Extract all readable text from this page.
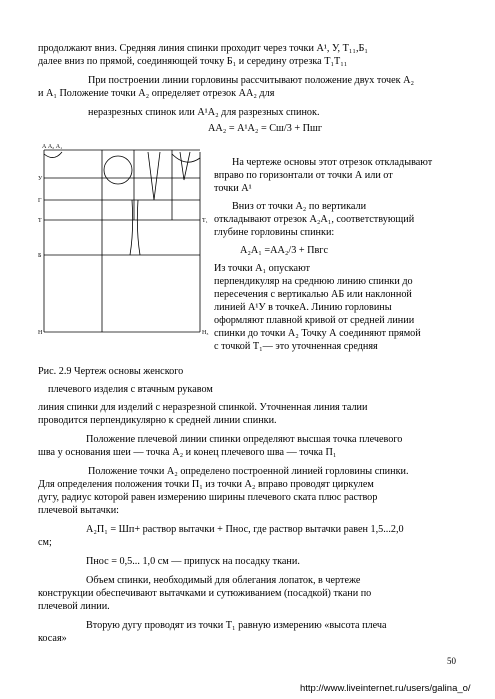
продолжают вниз. Средняя линия спинки проходит через точки А¹, У, Т₁₁,Б₁
далее вниз по прямой, соединяющей точку Б₁ и середину отрезка Т₁Т₁₁
При построении линии горловины рассчитывают положение двух точек А₂
и А₁ Положение точки А₂ определяет отрезок АА₂ для
неразрезных спинок или А¹А₂ для разрезных спинок.
АА₂ = А¹А₂ = Сш/3 + Пшг
А А₂ А₁
У
Г
Т
Б
Н
Т₁
Н₃
На чертеже основы этот отрезок откладывают
вправо по горизонтали от точки А или от
точки А¹
Вниз от точки А₂ по вертикали
откладывают отрезок А₂А₁, соответствующий
глубине горловины спинки:
А₂А₁ =АА₂/3 + Пвгс
Из точки А₁ опускают
перпендикуляр на среднюю линию спинки до
пересечения с вертикалью АБ или наклонной
линией А¹У в точкеА. Линию горловины
оформляют плавной кривой от средней линии
спинки до точки А₂ Точку А соединяют прямой
с точкой Т₁— это уточненная средняя
Рис. 2.9 Чертеж основы женского
плечевого изделия с втачным рукавом
линия спинки для изделий с неразрезной спинкой. Уточненная линия талии
проводится перпендикулярно к средней линии спинки.
Положение плечевой линии спинки определяют высшая точка плечевого
шва у основания шеи — точка А₂ и конец плечевого шва — точка П₁
Положение точки А₂ определено построенной линией горловины спинки.
Для определения положения точки П₁ из точки А₂ вправо проводят циркулем
дугу, радиус которой равен измерению ширины плечевого ската плюс раствор
плечевой вытачки:
А₂П₁ = Шп+ раствор вытачки + Пнос, где раствор вытачки равен 1,5...2,0
см;
Пнос = 0,5... 1,0 см — припуск на посадку ткани.
Объем спинки, необходимый для облегания лопаток, в чертеже
конструкции обеспечивают вытачками и сутюживанием (посадкой) ткани по
плечевой линии.
Вторую дугу проводят из точки Т₁ равную измерению «высота плеча
косая»
50
http://www.liveinternet.ru/users/galina_o/
